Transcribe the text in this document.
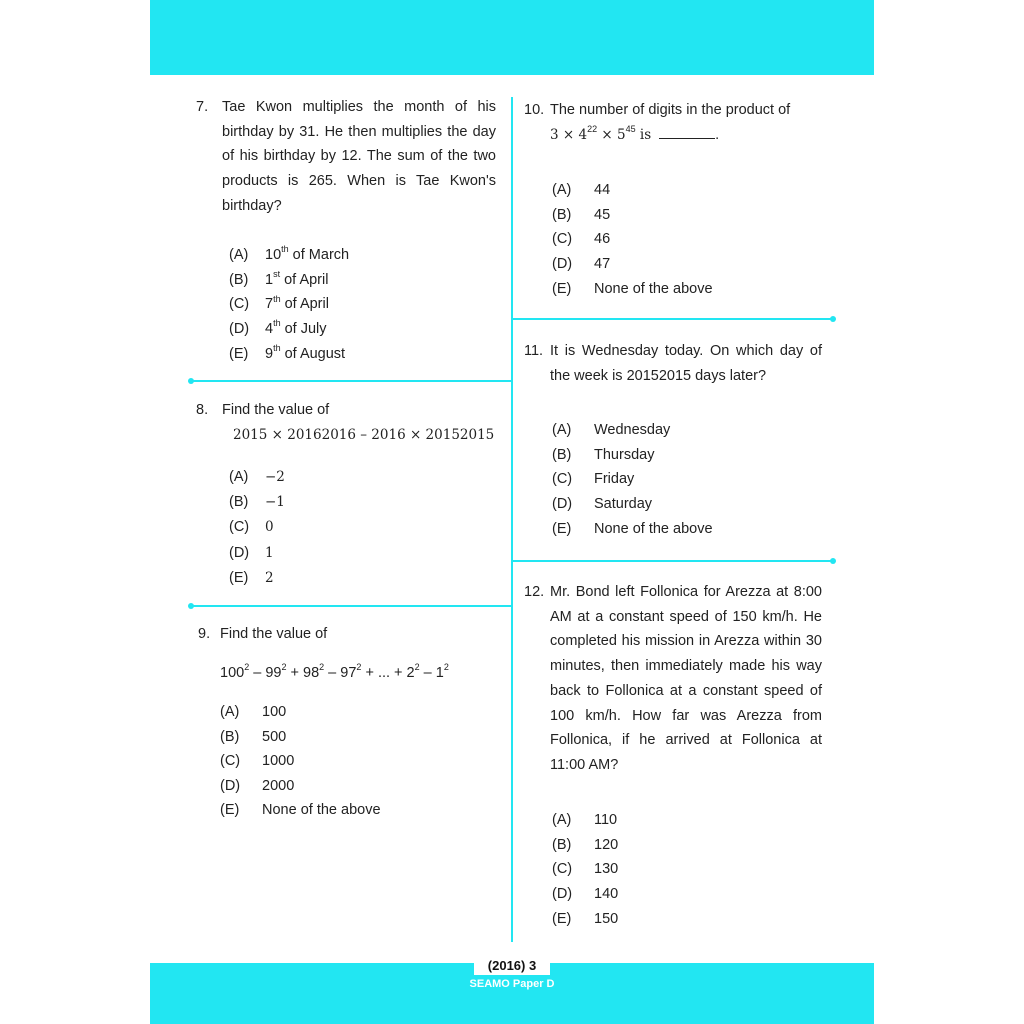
(2016) 3
SEAMO Paper D
7. Tae Kwon multiplies the month of his birthday by 31. He then multiplies the day of his birthday by 12. The sum of the two products is 265. When is Tae Kwon's birthday?
(A) 10th of March
(B) 1st of April
(C) 7th of April
(D) 4th of July
(E) 9th of August
8. Find the value of
2015 × 20162016 – 2016 × 20152015
(A) −2
(B) −1
(C) 0
(D) 1
(E) 2
9. Find the value of
$100^2 - 99^2 + 98^2 - 97^2$ + ... + $2^2 - 1^2$
(A) 100
(B) 500
(C) 1000
(D) 2000
(E) None of the above
10. The number of digits in the product of
$3 \times 4^{22} \times 5^{45}$ is	.
(A) 44
(B) 45
(C) 46
(D) 47
(E) None of the above
11. It is Wednesday today. On which day of the week is 20152015 days later?
(A) Wednesday
(B) Thursday
(C) Friday
(D) Saturday
(E) None of the above
12. Mr. Bond left Follonica for Arezza at 8:00 AM at a constant speed of 150 km/h. He completed his mission in Arezza within 30 minutes, then immediately made his way back to Follonica at a constant speed of 100 km/h. How far was Arezza from Follonica, if he arrived at Follonica at 11:00 AM?
(A) 110
(B) 120
(C) 130
(D) 140
(E) 150
